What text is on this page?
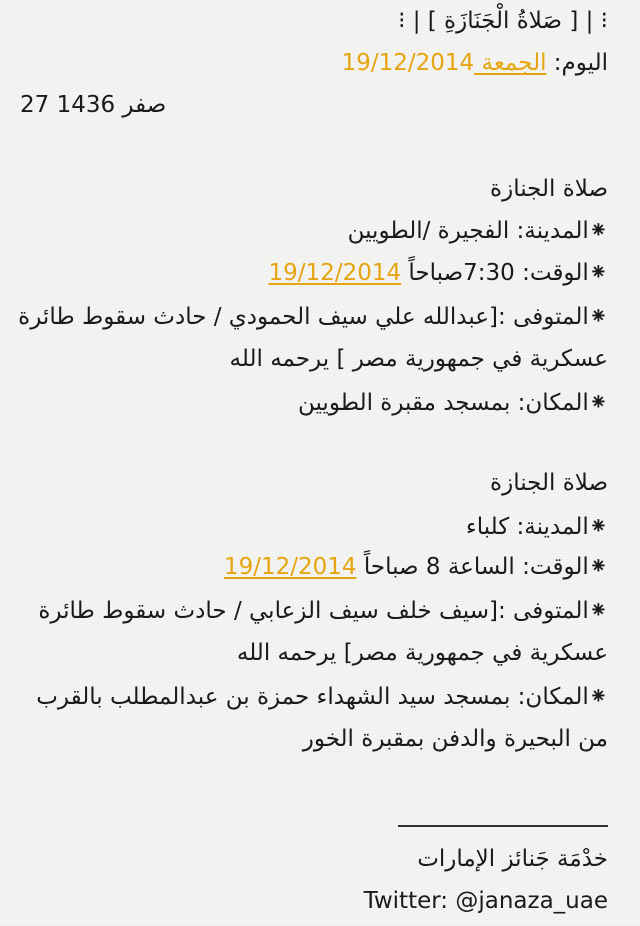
⁝ | [ صَلاةُ الْجَنَازَةِ ] | ⁝
اليوم: الجمعة 19/12/2014
27 صفر 1436
صلاة الجنازة
⁕المدينة: الفجيرة /الطويين
⁕الوقت: 7:30صباحاً 19/12/2014
⁕المتوفى :[عبدالله علي سيف الحمودي / حادث سقوط طائرة
عسكرية في جمهورية مصر ] يرحمه الله
⁕المكان: بمسجد مقبرة الطويين
صلاة الجنازة
⁕المدينة: كلباء
⁕الوقت: الساعة 8 صباحاً 19/12/2014
⁕المتوفى :[سيف خلف سيف الزعابي / حادث سقوط طائرة
عسكرية في جمهورية مصر] يرحمه الله
⁕المكان: بمسجد سيد الشهداء حمزة بن عبدالمطلب بالقرب
من البحيرة والدفن بمقبرة الخور
خدْمَة جَنائز الإمارات
Twitter: @janaza_uae
